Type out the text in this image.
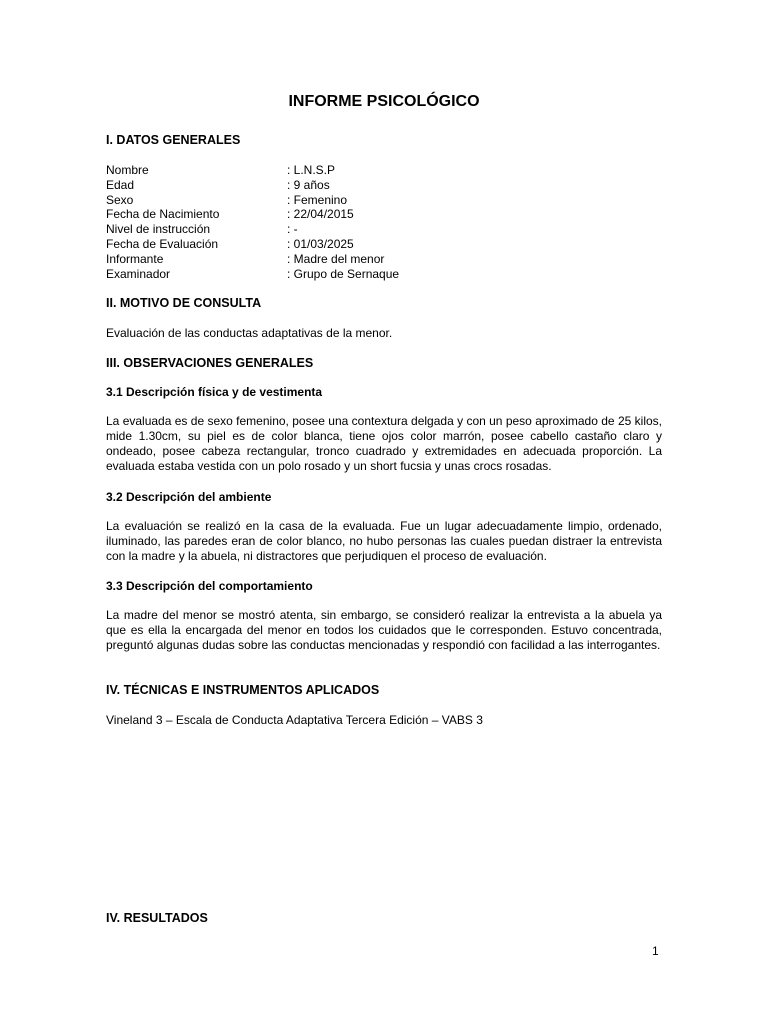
INFORME PSICOLÓGICO
I. DATOS GENERALES
Nombre	: L.N.S.P
Edad	: 9 años
Sexo	: Femenino
Fecha de Nacimiento	: 22/04/2015
Nivel de instrucción	: -
Fecha de Evaluación	: 01/03/2025
Informante	: Madre del menor
Examinador	: Grupo de Sernaque
II. MOTIVO DE CONSULTA
Evaluación de las conductas adaptativas de la menor.
III. OBSERVACIONES GENERALES
3.1 Descripción física y de vestimenta
La evaluada es de sexo femenino, posee una contextura delgada y con un peso aproximado de 25 kilos, mide 1.30cm, su piel es de color blanca, tiene ojos color marrón, posee cabello castaño claro y ondeado, posee cabeza rectangular, tronco cuadrado y extremidades en adecuada proporción. La evaluada estaba vestida con un polo rosado y un short fucsia y unas crocs rosadas.
3.2 Descripción del ambiente
La evaluación se realizó en la casa de la evaluada. Fue un lugar adecuadamente limpio, ordenado, iluminado, las paredes eran de color blanco, no hubo personas las cuales puedan distraer la entrevista con la madre y la abuela, ni distractores que perjudiquen el proceso de evaluación.
3.3 Descripción del comportamiento
La madre del menor se mostró atenta, sin embargo, se consideró realizar la entrevista a la abuela ya que es ella la encargada del menor en todos los cuidados que le corresponden. Estuvo concentrada, preguntó algunas dudas sobre las conductas mencionadas y respondió con facilidad a las interrogantes.
IV. TÉCNICAS E INSTRUMENTOS APLICADOS
Vineland 3 – Escala de Conducta Adaptativa Tercera Edición – VABS 3
IV. RESULTADOS
1
